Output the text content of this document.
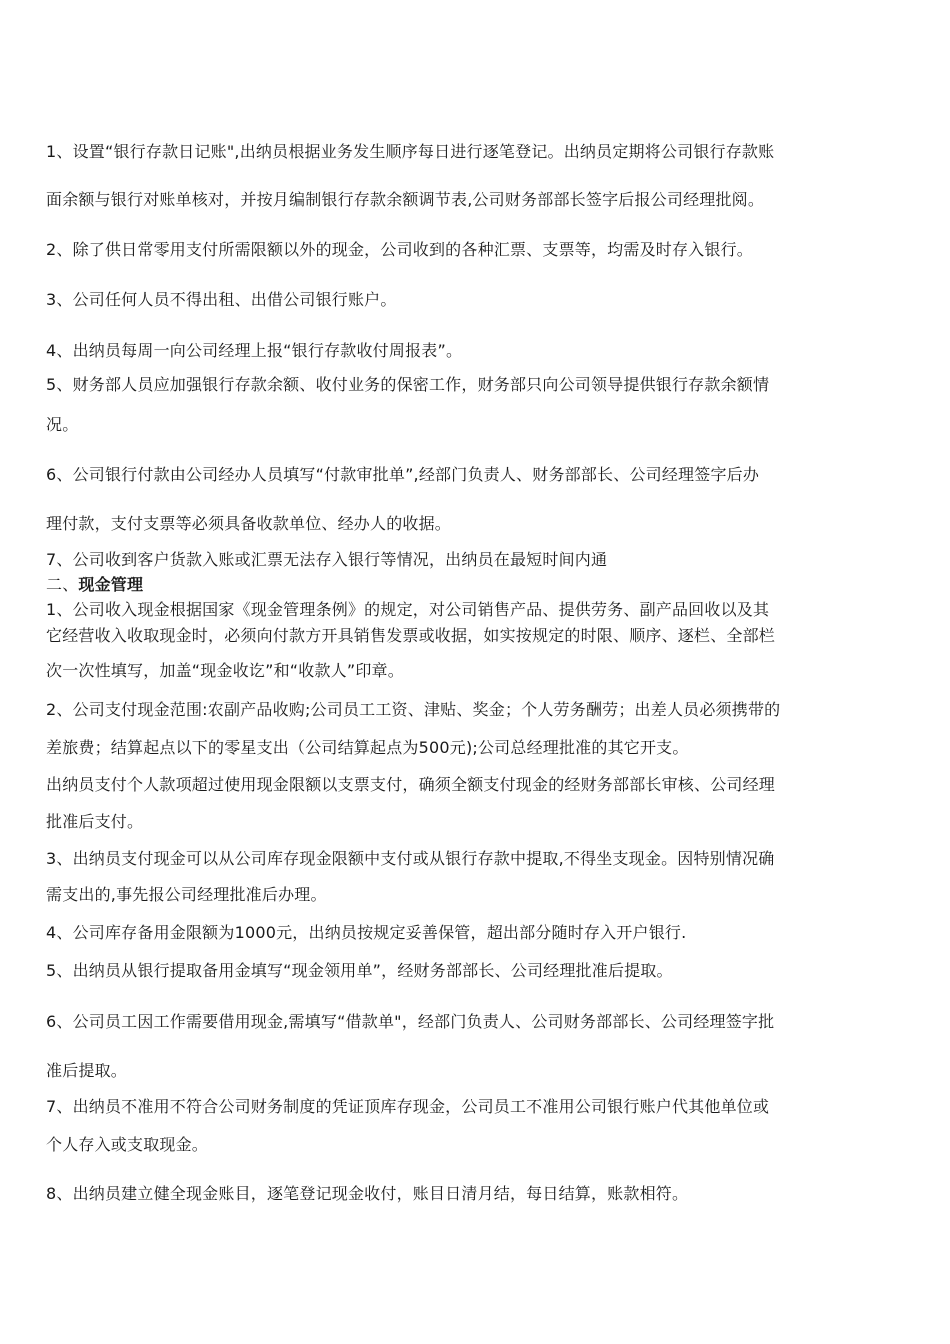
1、设置“银行存款日记账",出纳员根据业务发生顺序每日进行逐笔登记。出纳员定期将公司银行存款账
面余额与银行对账单核对，并按月编制银行存款余额调节表,公司财务部部长签字后报公司经理批阅。
2、除了供日常零用支付所需限额以外的现金，公司收到的各种汇票、支票等，均需及时存入银行。
3、公司任何人员不得出租、出借公司银行账户。
4、出纳员每周一向公司经理上报“银行存款收付周报表”。
5、财务部人员应加强银行存款余额、收付业务的保密工作，财务部只向公司领导提供银行存款余额情
况。
6、公司银行付款由公司经办人员填写“付款审批单”,经部门负责人、财务部部长、公司经理签字后办
理付款，支付支票等必须具备收款单位、经办人的收据。
7、公司收到客户货款入账或汇票无法存入银行等情况，出纳员在最短时间内通
二、现金管理
1、公司收入现金根据国家《现金管理条例》的规定，对公司销售产品、提供劳务、副产品回收以及其
它经营收入收取现金时，必须向付款方开具销售发票或收据，如实按规定的时限、顺序、逐栏、全部栏
次一次性填写，加盖“现金收讫”和“收款人”印章。
2、公司支付现金范围:农副产品收购;公司员工工资、津贴、奖金；个人劳务酬劳；出差人员必须携带的
差旅费；结算起点以下的零星支出（公司结算起点为500元);公司总经理批准的其它开支。
出纳员支付个人款项超过使用现金限额以支票支付，确须全额支付现金的经财务部部长审核、公司经理
批准后支付。
3、出纳员支付现金可以从公司库存现金限额中支付或从银行存款中提取,不得坐支现金。因特别情况确
需支出的,事先报公司经理批准后办理。
4、公司库存备用金限额为1000元，出纳员按规定妥善保管，超出部分随时存入开户银行.
5、出纳员从银行提取备用金填写“现金领用单”，经财务部部长、公司经理批准后提取。
6、公司员工因工作需要借用现金,需填写“借款单"，经部门负责人、公司财务部部长、公司经理签字批
准后提取。
7、出纳员不准用不符合公司财务制度的凭证顶库存现金，公司员工不准用公司银行账户代其他单位或
个人存入或支取现金。
8、出纳员建立健全现金账目，逐笔登记现金收付，账目日清月结，每日结算，账款相符。
